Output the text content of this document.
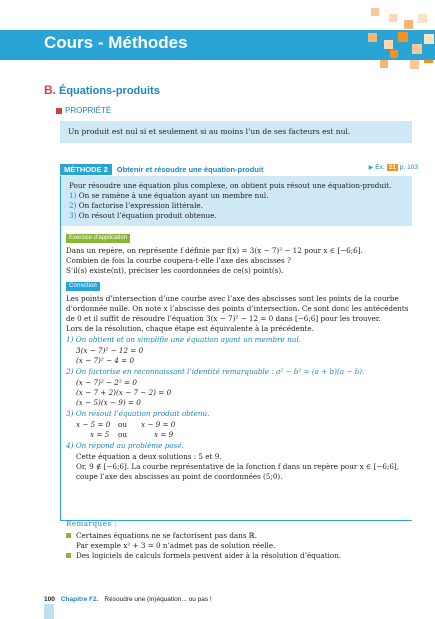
Cours - Méthodes
B. Équations-produits
PROPRIÉTÉ
Un produit est nul si et seulement si au moins l’un de ses facteurs est nul.
MÉTHODE 2	Obtenir et résoudre une équation-produit	▶ Ex. 21 p. 103
Pour résoudre une équation plus complexe, on obtient puis résout une équation-produit.
1) On se ramène à une équation ayant un membre nul.
2) On factorise l’expression littérale.
3) On résout l’équation produit obtenue.
Exercice d’application
Dans un repère, on représente f définie par f(x) = 3(x − 7)² − 12 pour x ∈ [−6;6].
Combien de fois la courbe coupera-t-elle l’axe des abscisses ?
S’il(s) existe(nt), préciser les coordonnées de ce(s) point(s).
Correction
Les points d’intersection d’une courbe avec l’axe des abscisses sont les points de la courbe
d’ordonnée nulle. On note x l’abscisse des points d’intersection. Ce sont donc les antécédents
de 0 et il suffit de résoudre l’équation 3(x − 7)² − 12 = 0 dans [−6;6] pour les trouver.
Lors de la résolution, chaque étape est équivalente à la précédente.
1) On obtient et on simplifie une équation ayant un membre nul.
3(x − 7)² − 12 = 0
(x − 7)² − 4 = 0
2) On factorise en reconnaissant l’identité remarquable : a² − b² = (a + b)(a − b).
(x − 7)² − 2² = 0
(x − 7 + 2)(x − 7 − 2) = 0
(x − 5)(x − 9) = 0
3) On résout l’équation produit obtenu.
x − 5 = 0 ou x − 9 = 0
x = 5 ou	x = 9
4) On répond au problème posé.
Cette équation a deux solutions : 5 et 9.
Or, 9 ∉ [−6;6]. La courbe représentative de la fonction f dans un repère pour x ∈ [−6;6],
coupe l’axe des abscisses au point de coordonnées (5;0).
Remarques :
Certaines équations ne se factorisent pas dans ℝ.
Par exemple x² + 3 = 0 n’admet pas de solution réelle.
Des logiciels de calculs formels peuvent aider à la résolution d’équation.
100 Chapitre F2. Résoudre une (in)équation... ou pas !
